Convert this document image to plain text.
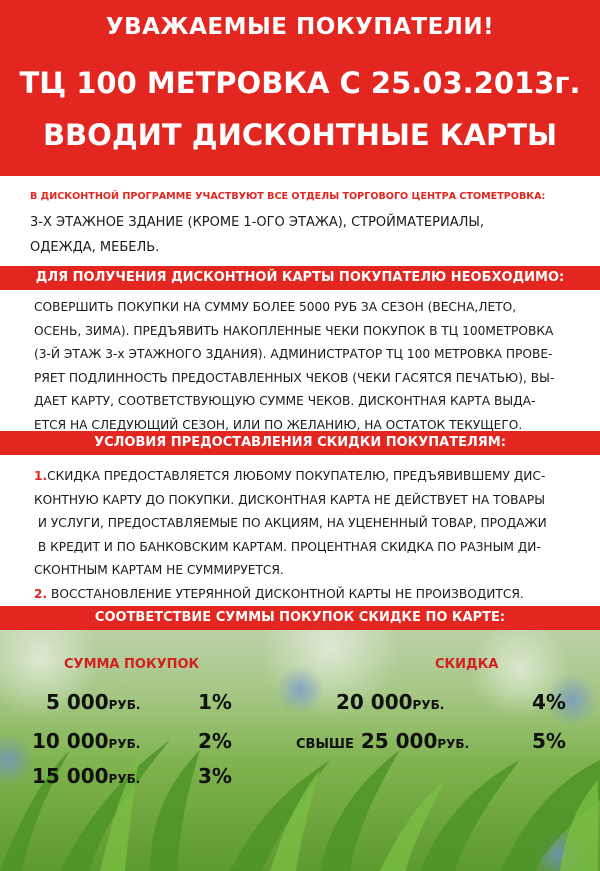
УВАЖАЕМЫЕ ПОКУПАТЕЛИ!
ТЦ 100 МЕТРОВКА С 25.03.2013г.
ВВОДИТ ДИСКОНТНЫЕ КАРТЫ
В ДИСКОНТНОЙ ПРОГРАММЕ УЧАСТВУЮТ ВСЕ ОТДЕЛЫ ТОРГОВОГО ЦЕНТРА СТОМЕТРОВКА:
3-Х ЭТАЖНОЕ ЗДАНИЕ (КРОМЕ 1-ОГО ЭТАЖА), СТРОЙМАТЕРИАЛЫ,
ОДЕЖДА, МЕБЕЛЬ.
ДЛЯ ПОЛУЧЕНИЯ ДИСКОНТНОЙ КАРТЫ ПОКУПАТЕЛЮ НЕОБХОДИМО:
СОВЕРШИТЬ ПОКУПКИ НА СУММУ БОЛЕЕ 5000 РУБ ЗА СЕЗОН (ВЕСНА,ЛЕТО,
ОСЕНЬ, ЗИМА). ПРЕДЪЯВИТЬ НАКОПЛЕННЫЕ ЧЕКИ ПОКУПОК В ТЦ 100МЕТРОВКА
(3-Й ЭТАЖ 3-х ЭТАЖНОГО ЗДАНИЯ). АДМИНИСТРАТОР ТЦ 100 МЕТРОВКА ПРОВЕ-
РЯЕТ ПОДЛИННОСТЬ ПРЕДОСТАВЛЕННЫХ ЧЕКОВ (ЧЕКИ ГАСЯТСЯ ПЕЧАТЬЮ), ВЫ-
ДАЕТ КАРТУ, СООТВЕТСТВУЮЩУЮ СУММЕ ЧЕКОВ. ДИСКОНТНАЯ КАРТА ВЫДА-
ЕТСЯ НА СЛЕДУЮЩИЙ СЕЗОН, ИЛИ ПО ЖЕЛАНИЮ, НА ОСТАТОК ТЕКУЩЕГО.
УСЛОВИЯ ПРЕДОСТАВЛЕНИЯ СКИДКИ ПОКУПАТЕЛЯМ:
1.СКИДКА ПРЕДОСТАВЛЯЕТСЯ ЛЮБОМУ ПОКУПАТЕЛЮ, ПРЕДЪЯВИВШЕМУ ДИС-
КОНТНУЮ КАРТУ ДО ПОКУПКИ. ДИСКОНТНАЯ КАРТА НЕ ДЕЙСТВУЕТ НА ТОВАРЫ
И УСЛУГИ, ПРЕДОСТАВЛЯЕМЫЕ ПО АКЦИЯМ, НА УЦЕНЕННЫЙ ТОВАР, ПРОДАЖИ
В КРЕДИТ И ПО БАНКОВСКИМ КАРТАМ. ПРОЦЕНТНАЯ СКИДКА ПО РАЗНЫМ ДИ-
СКОНТНЫМ КАРТАМ НЕ СУММИРУЕТСЯ.
2. ВОССТАНОВЛЕНИЕ УТЕРЯННОЙ ДИСКОНТНОЙ КАРТЫ НЕ ПРОИЗВОДИТСЯ.
СООТВЕТСТВИЕ СУММЫ ПОКУПОК СКИДКЕ ПО КАРТЕ:
СУММА ПОКУПОК	СКИДКА
5 000РУБ.	1%
10 000РУБ.	2%
15 000РУБ.	3%
20 000РУБ.	4%
СВЫШЕ 25 000РУБ.	5%
